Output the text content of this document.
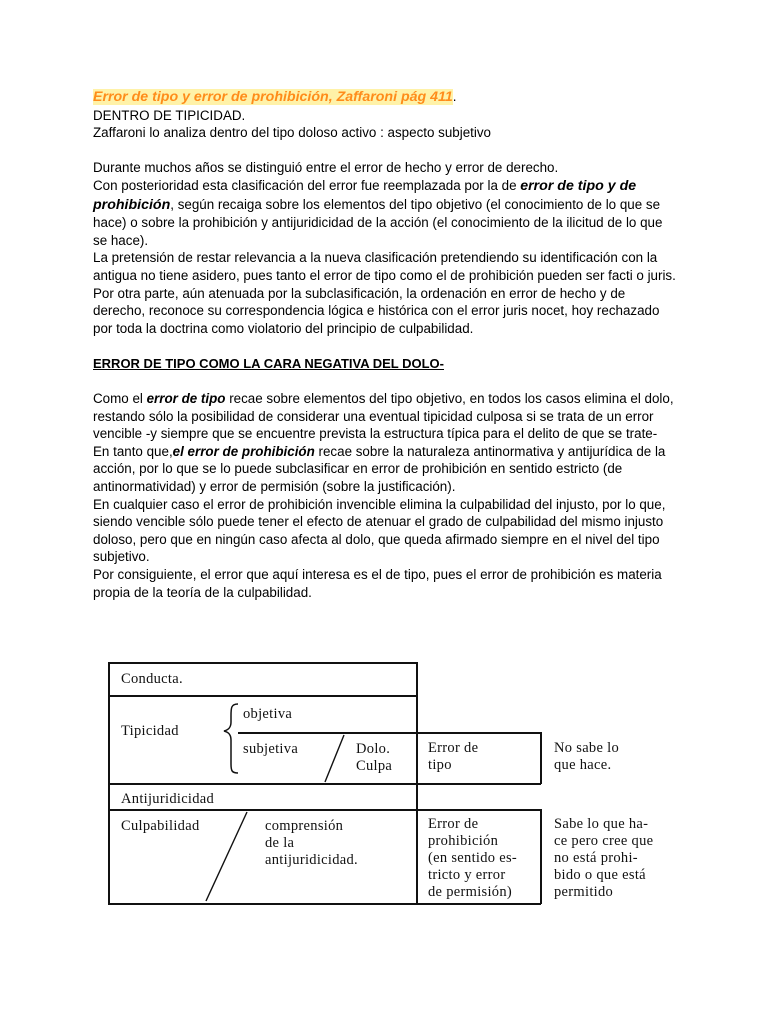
Error de tipo y error de prohibición, Zaffaroni pág 411.

DENTRO DE TIPICIDAD.

Zaffaroni lo analiza dentro del tipo doloso activo : aspecto subjetivo

Durante muchos años se distinguió entre el error de hecho y error de derecho.

Con posterioridad esta clasificación del error fue reemplazada por la de error de tipo y de prohibición, según recaiga sobre los elementos del tipo objetivo (el conocimiento de lo que se hace) o sobre la prohibición y antijuridicidad de la acción (el conocimiento de la ilicitud de lo que se hace).

La pretensión de restar relevancia a la nueva clasificación pretendiendo su identificación con la antigua no tiene asidero, pues tanto el error de tipo como el de prohibición pueden ser facti o juris. Por otra parte, aún atenuada por la subclasificación, la ordenación en error de hecho y de derecho, reconoce su correspondencia lógica e histórica con el error juris nocet, hoy rechazado por toda la doctrina como violatorio del principio de culpabilidad.

ERROR DE TIPO COMO LA CARA NEGATIVA DEL DOLO-

Como el error de tipo recae sobre elementos del tipo objetivo, en todos los casos elimina el dolo, restando sólo la posibilidad de considerar una eventual tipicidad culposa si se trata de un error vencible -y siempre que se encuentre prevista la estructura típica para el delito de que se trate-

En tanto que,el error de prohibición recae sobre la naturaleza antinormativa y antijurídica de la acción, por lo que se lo puede subclasificar en error de prohibición en sentido estricto (de antinormatividad) y error de permisión (sobre la justificación).

En cualquier caso el error de prohibición invencible elimina la culpabilidad del injusto, por lo que, siendo vencible sólo puede tener el efecto de atenuar el grado de culpabilidad del mismo injusto doloso, pero que en ningún caso afecta al dolo, que queda afirmado siempre en el nivel del tipo subjetivo.

Por consiguiente, el error que aquí interesa es el de tipo, pues el error de prohibición es materia propia de la teoría de la culpabilidad.

Conducta.
Tipicidad
objetiva
subjetiva	Dolo.
Culpa
Error de
tipo
No sabe lo
que hace.
Antijuridicidad
Culpabilidad	comprensión
de la
antijuridicidad.
Error de
prohibición
(en sentido es-
tricto y error
de permisión)
Sabe lo que ha-
ce pero cree que
no está prohi-
bido o que está
permitido
